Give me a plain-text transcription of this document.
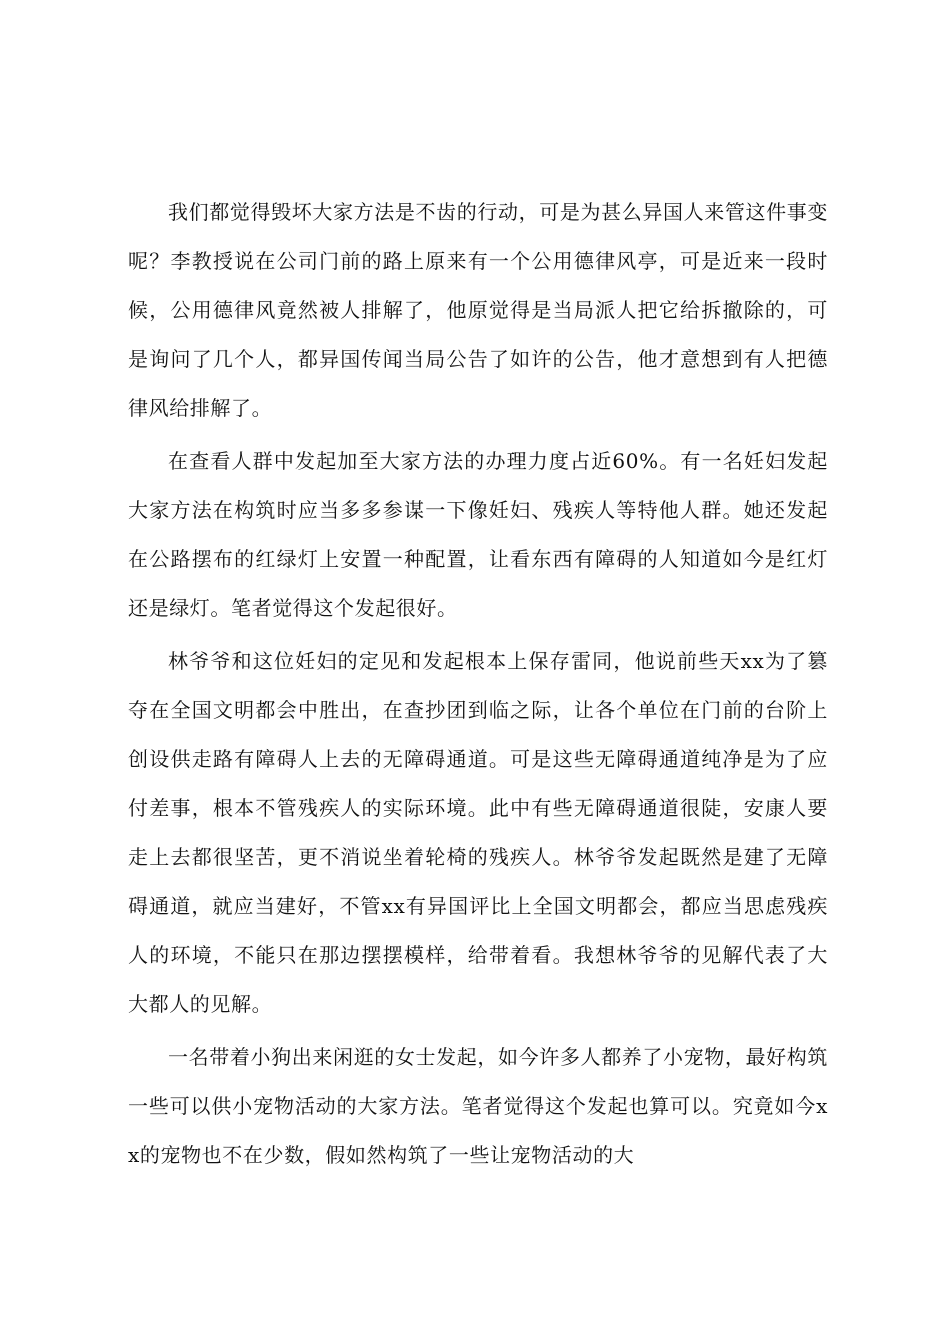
我们都觉得毁坏大家方法是不齿的行动，可是为甚么异国人来管这件事变呢？李教授说在公司门前的路上原来有一个公用德律风亭，可是近来一段时候，公用德律风竟然被人排解了，他原觉得是当局派人把它给拆撤除的，可是询问了几个人，都异国传闻当局公告了如许的公告，他才意想到有人把德律风给排解了。

在查看人群中发起加至大家方法的办理力度占近60%。有一名妊妇发起大家方法在构筑时应当多多参谋一下像妊妇、残疾人等特他人群。她还发起在公路摆布的红绿灯上安置一种配置，让看东西有障碍的人知道如今是红灯还是绿灯。笔者觉得这个发起很好。

林爷爷和这位妊妇的定见和发起根本上保存雷同，他说前些天xx为了篡夺在全国文明都会中胜出，在查抄团到临之际，让各个单位在门前的台阶上创设供走路有障碍人上去的无障碍通道。可是这些无障碍通道纯净是为了应付差事，根本不管残疾人的实际环境。此中有些无障碍通道很陡，安康人要走上去都很坚苦，更不消说坐着轮椅的残疾人。林爷爷发起既然是建了无障碍通道，就应当建好，不管xx有异国评比上全国文明都会，都应当思虑残疾人的环境，不能只在那边摆摆模样，给带着看。我想林爷爷的见解代表了大大都人的见解。

一名带着小狗出来闲逛的女士发起，如今许多人都养了小宠物，最好构筑一些可以供小宠物活动的大家方法。笔者觉得这个发起也算可以。究竟如今xx的宠物也不在少数，假如然构筑了一些让宠物活动的大
